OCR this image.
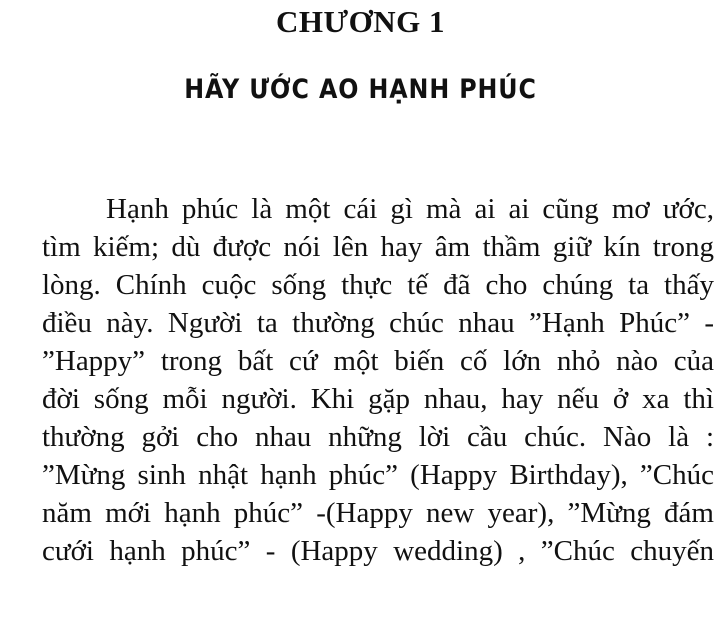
CHƯƠNG 1
HÃY ƯỚC AO HẠNH PHÚC
Hạnh phúc là một cái gì mà ai ai cũng mơ ước,
tìm kiếm; dù được nói lên hay âm thầm giữ kín trong
lòng. Chính cuộc sống thực tế đã cho chúng ta thấy
điều này. Người ta thường chúc nhau ”Hạnh Phúc” -
”Happy” trong bất cứ một biến cố lớn nhỏ nào của
đời sống mỗi người. Khi gặp nhau, hay nếu ở xa thì
thường gởi cho nhau những lời cầu chúc. Nào là :
”Mừng sinh nhật hạnh phúc” (Happy Birthday), ”Chúc
năm mới hạnh phúc” -(Happy new year), ”Mừng đám
cưới hạnh phúc” - (Happy wedding) , ”Chúc chuyến
